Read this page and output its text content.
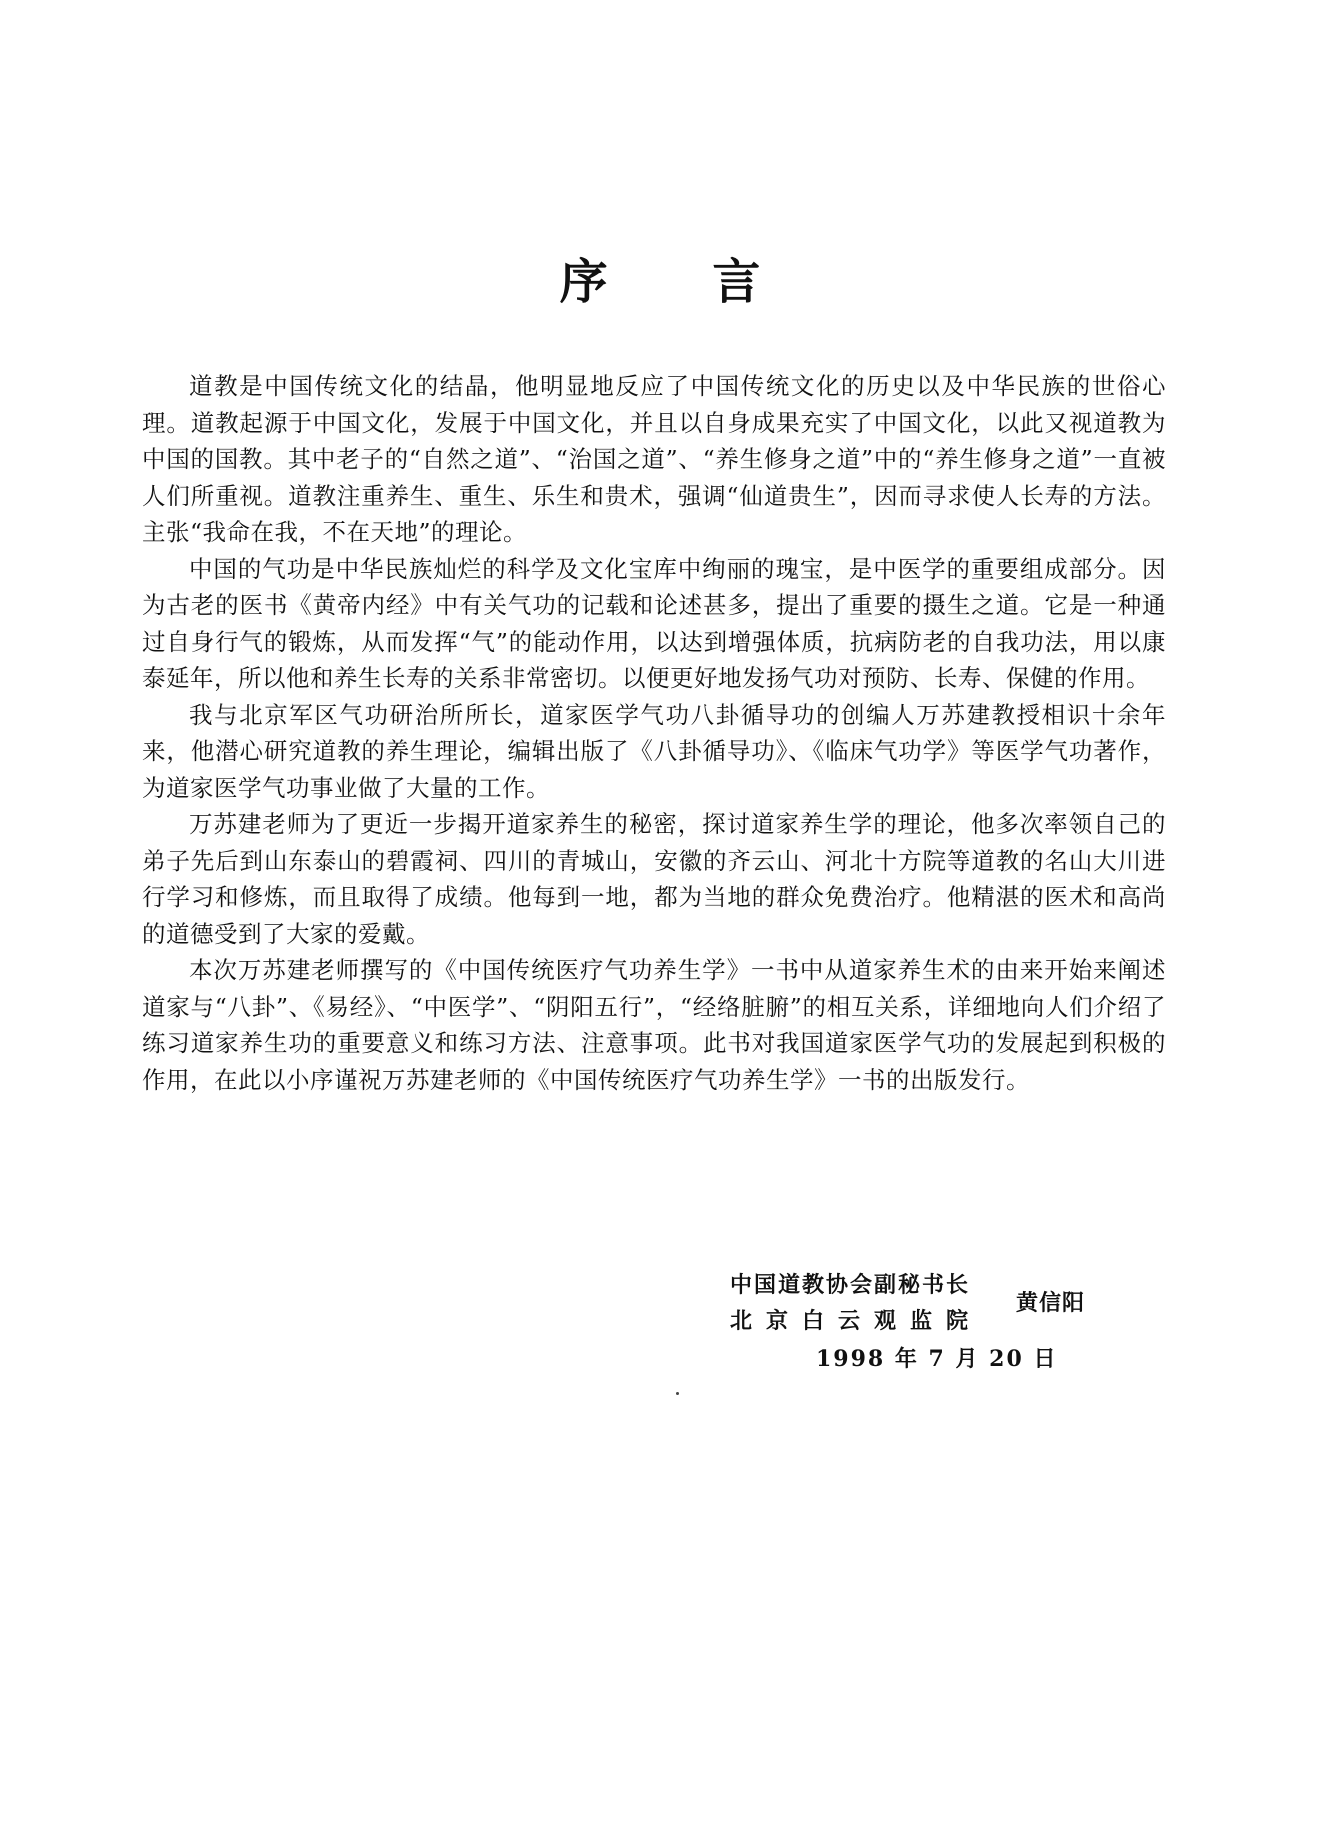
序 言

道教是中国传统文化的结晶，他明显地反应了中国传统文化的历史以及中华民族的世俗心理。道教起源于中国文化，发展于中国文化，并且以自身成果充实了中国文化，以此又视道教为中国的国教。其中老子的“自然之道”、“治国之道”、“养生修身之道”中的“养生修身之道”一直被人们所重视。道教注重养生、重生、乐生和贵术，强调“仙道贵生”，因而寻求使人长寿的方法。主张“我命在我，不在天地”的理论。

中国的气功是中华民族灿烂的科学及文化宝库中绚丽的瑰宝，是中医学的重要组成部分。因为古老的医书《黄帝内经》中有关气功的记载和论述甚多，提出了重要的摄生之道。它是一种通过自身行气的锻炼，从而发挥“气”的能动作用，以达到增强体质，抗病防老的自我功法，用以康泰延年，所以他和养生长寿的关系非常密切。以便更好地发扬气功对预防、长寿、保健的作用。

我与北京军区气功研治所所长，道家医学气功八卦循导功的创编人万苏建教授相识十余年来，他潜心研究道教的养生理论，编辑出版了《八卦循导功》、《临床气功学》等医学气功著作，为道家医学气功事业做了大量的工作。

万苏建老师为了更近一步揭开道家养生的秘密，探讨道家养生学的理论，他多次率领自己的弟子先后到山东泰山的碧霞祠、四川的青城山，安徽的齐云山、河北十方院等道教的名山大川进行学习和修炼，而且取得了成绩。他每到一地，都为当地的群众免费治疗。他精湛的医术和高尚的道德受到了大家的爱戴。

本次万苏建老师撰写的《中国传统医疗气功养生学》一书中从道家养生术的由来开始来阐述道家与“八卦”、《易经》、“中医学”、“阴阳五行”，“经络脏腑”的相互关系，详细地向人们介绍了练习道家养生功的重要意义和练习方法、注意事项。此书对我国道家医学气功的发展起到积极的作用，在此以小序谨祝万苏建老师的《中国传统医疗气功养生学》一书的出版发行。

中国道教协会副秘书长
北京白云观监院
黄信阳
1998 年 7 月 20 日
